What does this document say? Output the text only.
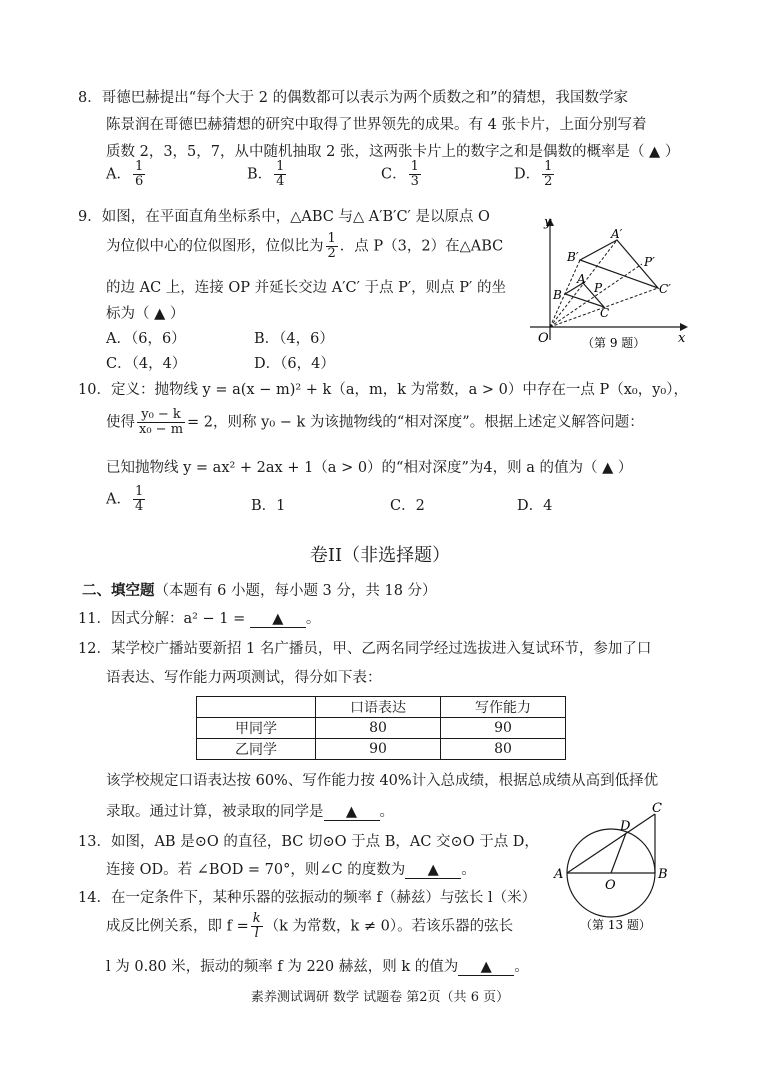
8．哥德巴赫提出“每个大于 2 的偶数都可以表示为两个质数之和”的猜想，我国数学家
陈景润在哥德巴赫猜想的研究中取得了世界领先的成果。有 4 张卡片，上面分别写着
质数 2，3，5，7，从中随机抽取 2 张，这两张卡片上的数字之和是偶数的概率是（ ▲ ）
A． $\frac{1}{6}$	B． $\frac{1}{4}$	C． $\frac{1}{3}$	D． $\frac{1}{2}$
9．如图，在平面直角坐标系中，△ABC 与△ A′B′C′ 是以原点 O
为位似中心的位似图形，位似比为 $\frac{1}{2}$ ．点 P（3，2）在△ABC
的边 AC 上，连接 OP 并延长交边 A′C′ 于点 P′，则点 P′ 的坐
标为（ ▲ ）
A．（6，6）	B．（4，6）
C．（4，4）	D．（6，4）
y
x
O
A′
B′	P′
C′
A
B	P
C
（第 9 题）
10．定义：抛物线 y = a(x − m)² + k（a，m，k 为常数，a > 0）中存在一点 P（x₀，y₀），
使得 $\frac{\text{y₀ − k}}{\text{x₀ − m}} = 2$，则称 y₀ − k 为该抛物线的“相对深度”。根据上述定义解答问题：
已知抛物线 y = ax² + 2ax + 1（a > 0）的“相对深度”为4，则 a 的值为（ ▲ ）
A． $\frac{1}{4}$	B．1	C．2	D．4
卷II（非选择题）
二、填空题（本题有 6 小题，每小题 3 分，共 18 分）
11．因式分解：a² − 1 = ▲ 。
12．某学校广播站要新招 1 名广播员，甲、乙两名同学经过选拔进入复试环节，参加了口
语表达、写作能力两项测试，得分如下表：
	口语表达	写作能力
甲同学	80	90
乙同学	90	80
该学校规定口语表达按 60%、写作能力按 40%计入总成绩，根据总成绩从高到低择优
录取。通过计算，被录取的同学是 ▲ 。
13．如图，AB 是⊙O 的直径，BC 切⊙O 于点 B，AC 交⊙O 于点 D，
连接 OD。若 ∠BOD = 70°，则∠C 的度数为 ▲ 。
C
D
A
O
B
（第 13 题）
14．在一定条件下，某种乐器的弦振动的频率 f（赫兹）与弦长 l（米）
成反比例关系，即 $f = \frac{k}{l} (k$ 为常数，k ≠ 0）。若该乐器的弦长
l 为 0.80 米，振动的频率 f 为 220 赫兹，则 k 的值为 ▲ 。
素养测试调研 数学 试题卷 第2页（共 6 页）
